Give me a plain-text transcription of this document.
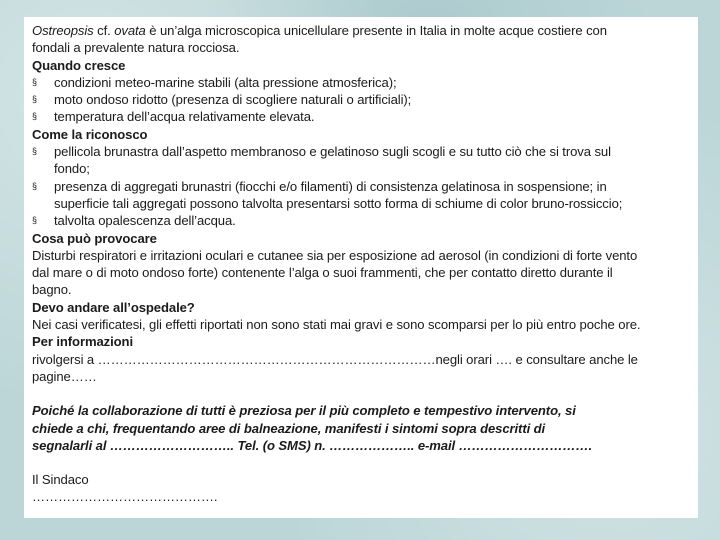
Ostreopsis cf. ovata è un’alga microscopica unicellulare presente in Italia in molte acque costiere con
fondali a prevalente natura rocciosa.
Quando cresce
§	condizioni meteo-marine stabili (alta pressione atmosferica);
§	moto ondoso ridotto (presenza di scogliere naturali o artificiali);
§	temperatura dell’acqua relativamente elevata.
Come la riconosco
§	pellicola brunastra dall’aspetto membranoso e gelatinoso sugli scogli e su tutto ciò che si trova sul
fondo;
§	presenza di aggregati brunastri (fiocchi e/o filamenti) di consistenza gelatinosa in sospensione; in
superficie tali aggregati possono talvolta presentarsi sotto forma di schiume di color bruno-rossiccio;
§	talvolta opalescenza dell’acqua.
Cosa può provocare
Disturbi respiratori e irritazioni oculari e cutanee sia per esposizione ad aerosol (in condizioni di forte vento
dal mare o di moto ondoso forte) contenente l’alga o suoi frammenti, che per contatto diretto durante il
bagno.
Devo andare all’ospedale?
Nei casi verificatesi, gli effetti riportati non sono stati mai gravi e sono scomparsi per lo più entro poche ore.
Per informazioni
rivolgersi a ……………………………………………………………………negli orari …. e consultare anche le
pagine……
Poiché la collaborazione di tutti è preziosa per il più completo e tempestivo intervento, si
chiede a chi, frequentando aree di balneazione, manifesti i sintomi sopra descritti di
segnalarli al ……………………….. Tel. (o SMS) n. ……………….. e-mail ………………………….
Il Sindaco
…………………………………….
